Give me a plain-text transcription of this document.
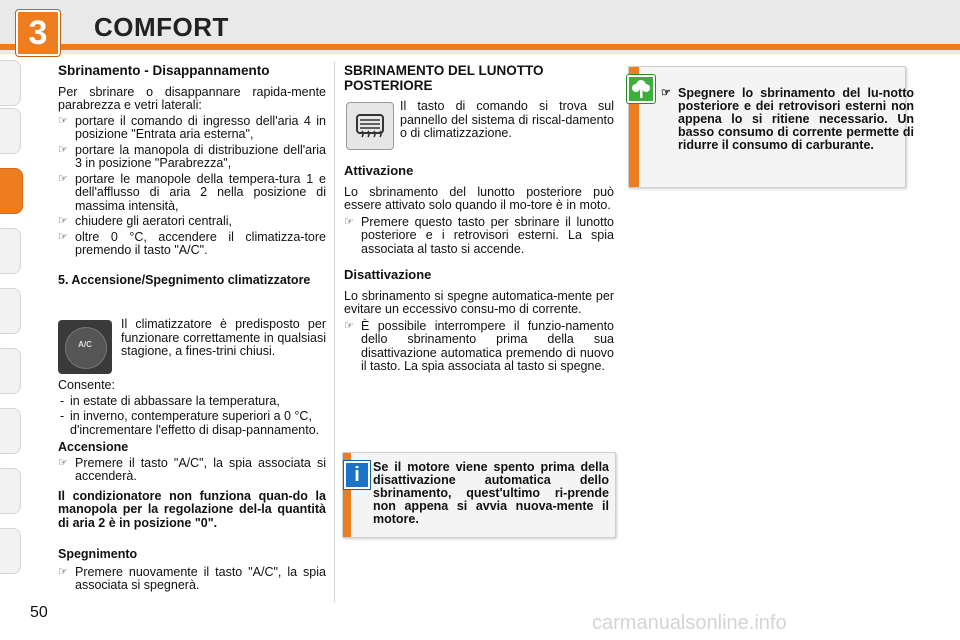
3	COMFORT
Sbrinamento - Disappannamento

Per sbrinare o disappannare rapida-mente parabrezza e vetri laterali:

☞ portare il comando di ingresso dell'aria 4 in posizione "Entrata aria esterna",

☞ portare la manopola di distribuzione dell'aria 3 in posizione "Parabrezza",

☞ portare le manopole della tempera-tura 1 e dell'afflusso di aria 2 nella posizione di massima intensità,

☞ chiudere gli aeratori centrali,

☞ oltre 0 °C, accendere il climatizza-tore premendo il tasto "A/C".

5. Accensione/Spegnimento climatizzatore

A/C

Il climatizzatore è predisposto per funzionare correttamente in qualsiasi stagione, a fines-trini chiusi.

Consente:

- in estate di abbassare la temperatura,

- in inverno, contemperature superiori a 0 °C, d'incrementare l'effetto di disap-pannamento.

Accensione

☞ Premere il tasto "A/C", la spia associata si accenderà.

Il condizionatore non funziona quan-do la manopola per la regolazione del-la quantità di aria 2 è in posizione "0".

Spegnimento

☞ Premere nuovamente il tasto "A/C", la spia associata si spegnerà.

SBRINAMENTO DEL LUNOTTO POSTERIORE

Il tasto di comando si trova sul pannello del sistema di riscal-damento o di climatizzazione.

Attivazione

Lo sbrinamento del lunotto posteriore può essere attivato solo quando il mo-tore è in moto.

☞ Premere questo tasto per sbrinare il lunotto posteriore e i retrovisori esterni. La spia associata al tasto si accende.

Disattivazione

Lo sbrinamento si spegne automatica-mente per evitare un eccessivo consu-mo di corrente.

☞ È possibile interrompere il funzio-namento dello sbrinamento prima della sua disattivazione automatica premendo di nuovo il tasto. La spia associata al tasto si spegne.

i	Se il motore viene spento prima della disattivazione automatica dello sbrinamento, quest'ultimo ri-prende non appena si avvia nuova-mente il motore.
☞ Spegnere lo sbrinamento del lu-notto posteriore e dei retrovisori esterni non appena lo si ritiene necessario. Un basso consumo di corrente permette di ridurre il consumo di carburante.
50	carmanualsonline.info
